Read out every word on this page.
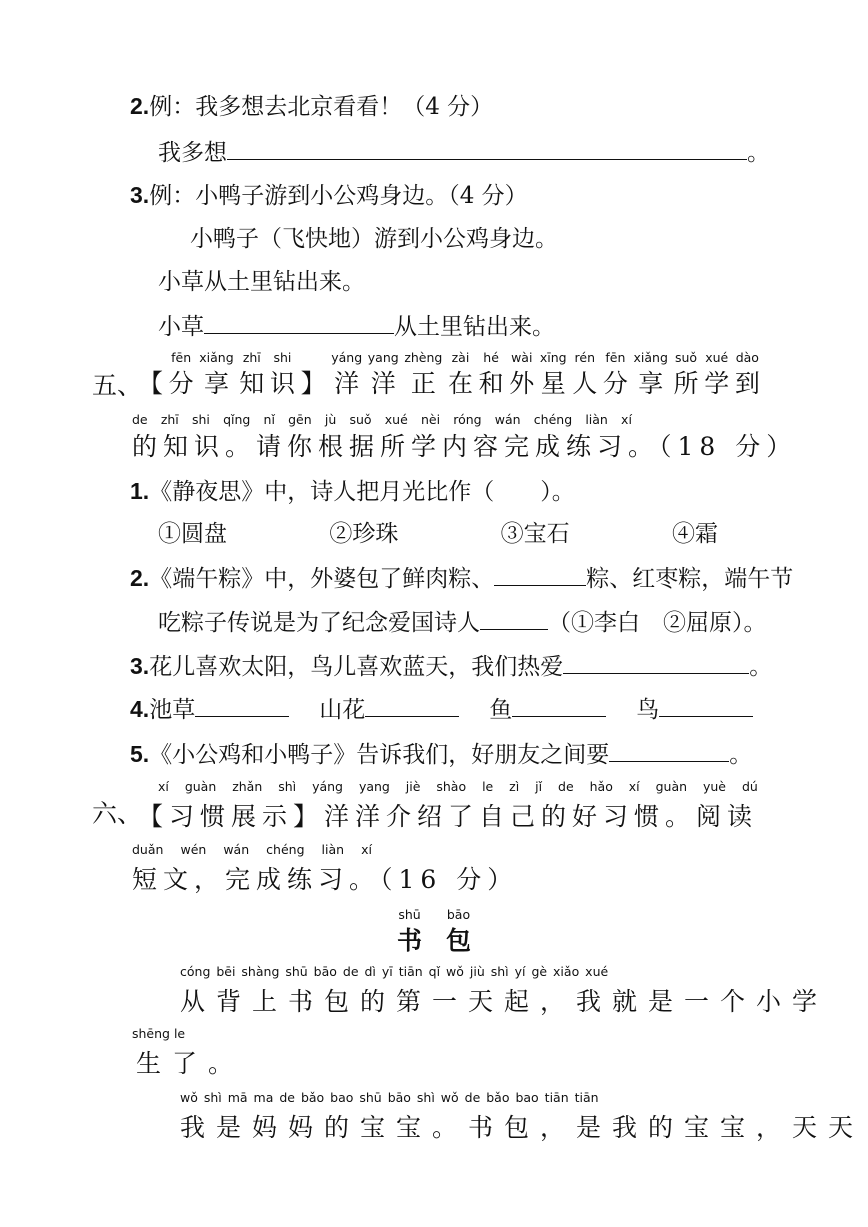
2.例：我多想去北京看看！（4 分）
我多想	。
3.例：小鸭子游到小公鸡身边。（4 分）
小鸭子（飞快地）游到小公鸡身边。
小草从土里钻出来。
小草	从土里钻出来。
五、
【
fēn
分
xiǎng
享
zhī
知
shi
识 】
yáng
洋
yang
洋
zhèng
正
zài
在
hé
和
wài
外
xīng
星
rén
人
fēn
分
xiǎng
享
suǒ
所
xué
学
dào
到
de zhī shi qǐng nǐ gēn jù suǒ xué nèi róng wán chéng liàn xí
的知识。请你根据所学内容完成练习。（18 分）
1.《静夜思》中，诗人把月光比作（　　）。
①圆盘	②珍珠	③宝石	④霜
2.《端午粽》中，外婆包了鲜肉粽、	粽、红枣粽，端午节
吃粽子传说是为了纪念爱国诗人	（①李白　②屈原）。
3.花儿喜欢太阳，鸟儿喜欢蓝天，我们热爱	。
4.池草	山花	鱼	鸟
5.《小公鸡和小鸭子》告诉我们，好朋友之间要	。
六、
xí guàn zhǎn shì yáng yang jiè shào le zì jǐ de hǎo xí guàn yuè dú
【习惯展示】洋洋介绍了自己的好习惯。阅读
duǎn wén wán chéng liàn xí
短文，完成练习。（16 分）
shū
书
bāo
包
cóng bēi shàng shū bāo de dì yī tiān qǐ wǒ jiù shì yí gè xiǎo xué
从背上书包的第一天起，我就是一个小学
shēng le
生了。
wǒ shì mā ma de bǎo bao shū bāo shì wǒ de bǎo bao tiān tiān
我是妈妈的宝宝。书包，是我的宝宝，天天
